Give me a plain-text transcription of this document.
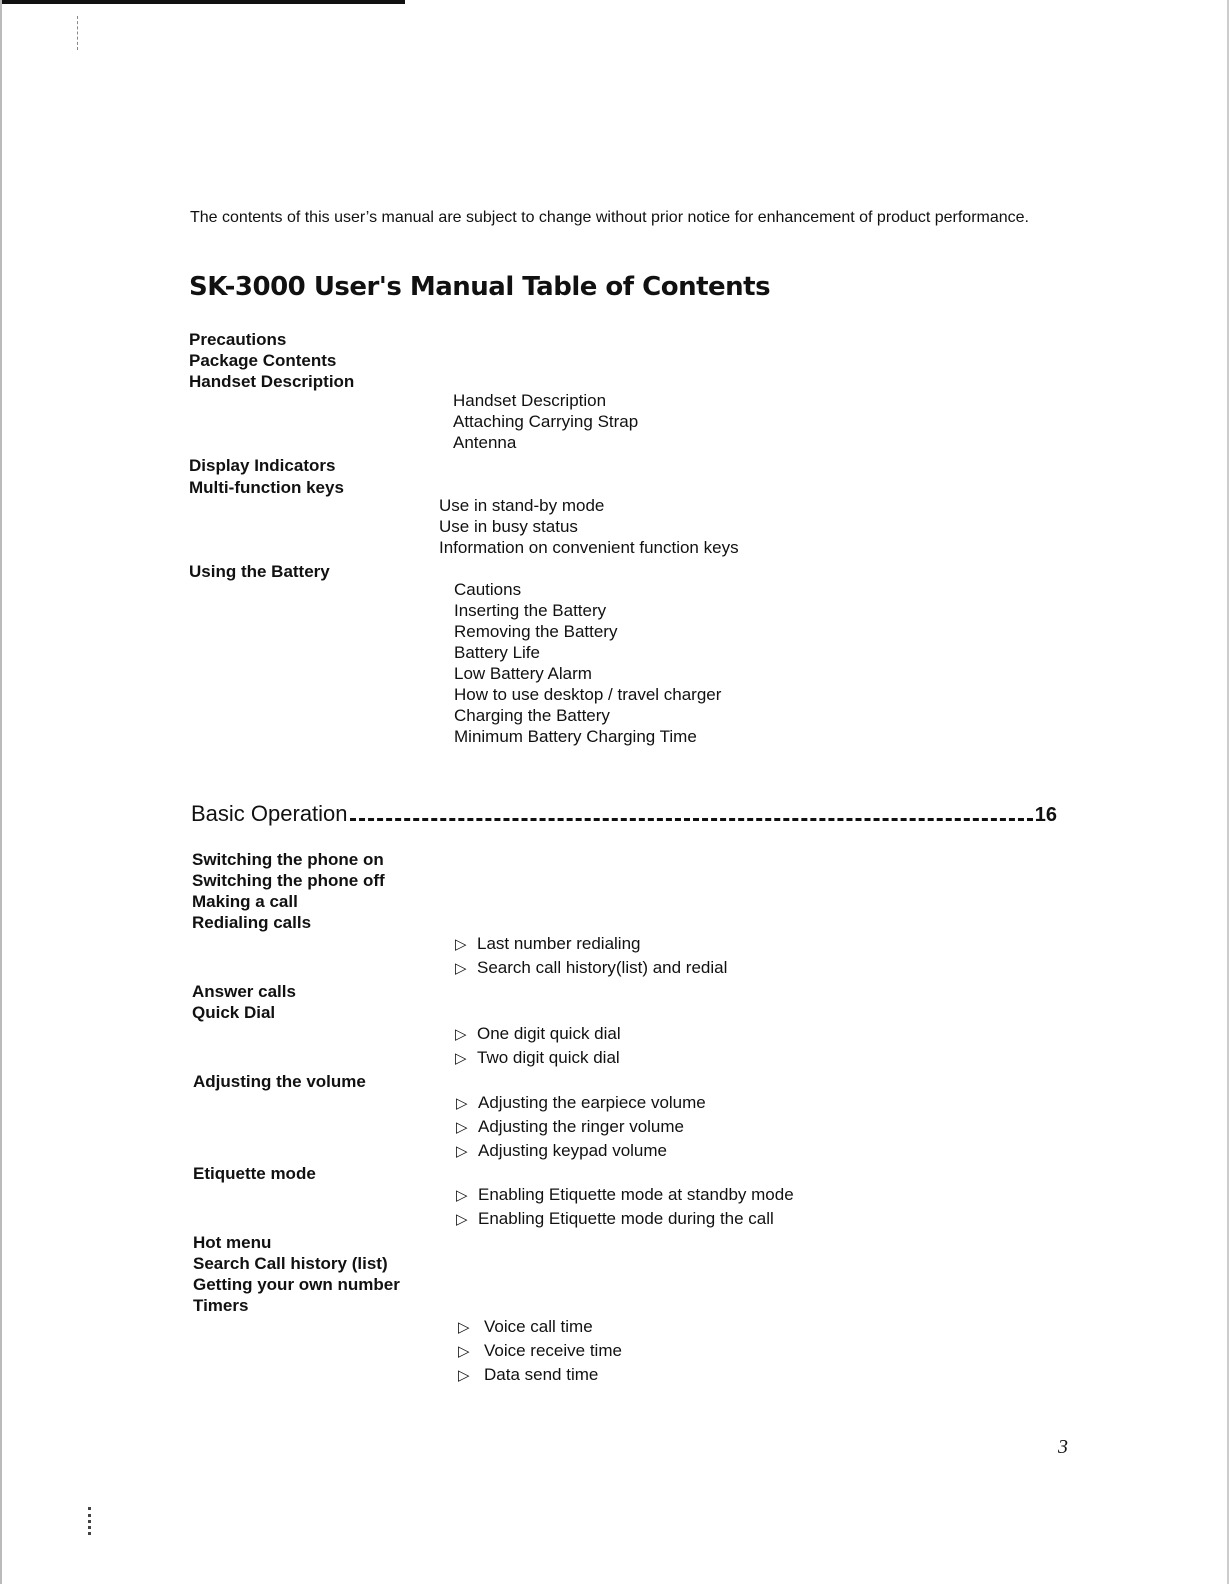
The contents of this user’s manual are subject to change without prior notice for enhancement of product performance.

SK-3000 User's Manual Table of Contents
Precautions
Package Contents
Handset Description
Display Indicators
Multi-function keys
Using the Battery
Handset Description
Attaching Carrying Strap
Antenna
Use in stand-by mode
Use in busy status
Information on convenient function keys
Cautions
Inserting the Battery
Removing the Battery
Battery Life
Low Battery Alarm
How to use desktop / travel charger
Charging the Battery
Minimum Battery Charging Time
Basic Operation	16
Switching the phone on
Switching the phone off
Making a call
Redialing calls
Answer calls
Quick Dial
Adjusting the volume
Etiquette mode
Hot menu
Search Call history (list)
Getting your own number
Timers
▷ Last number redialing
▷ Search call history(list) and redial
▷ One digit quick dial
▷ Two digit quick dial
▷ Adjusting the earpiece volume
▷ Adjusting the ringer volume
▷ Adjusting keypad volume
▷ Enabling Etiquette mode at standby mode
▷ Enabling Etiquette mode during the call
▷ Voice call time
▷ Voice receive time
▷ Data send time
3
